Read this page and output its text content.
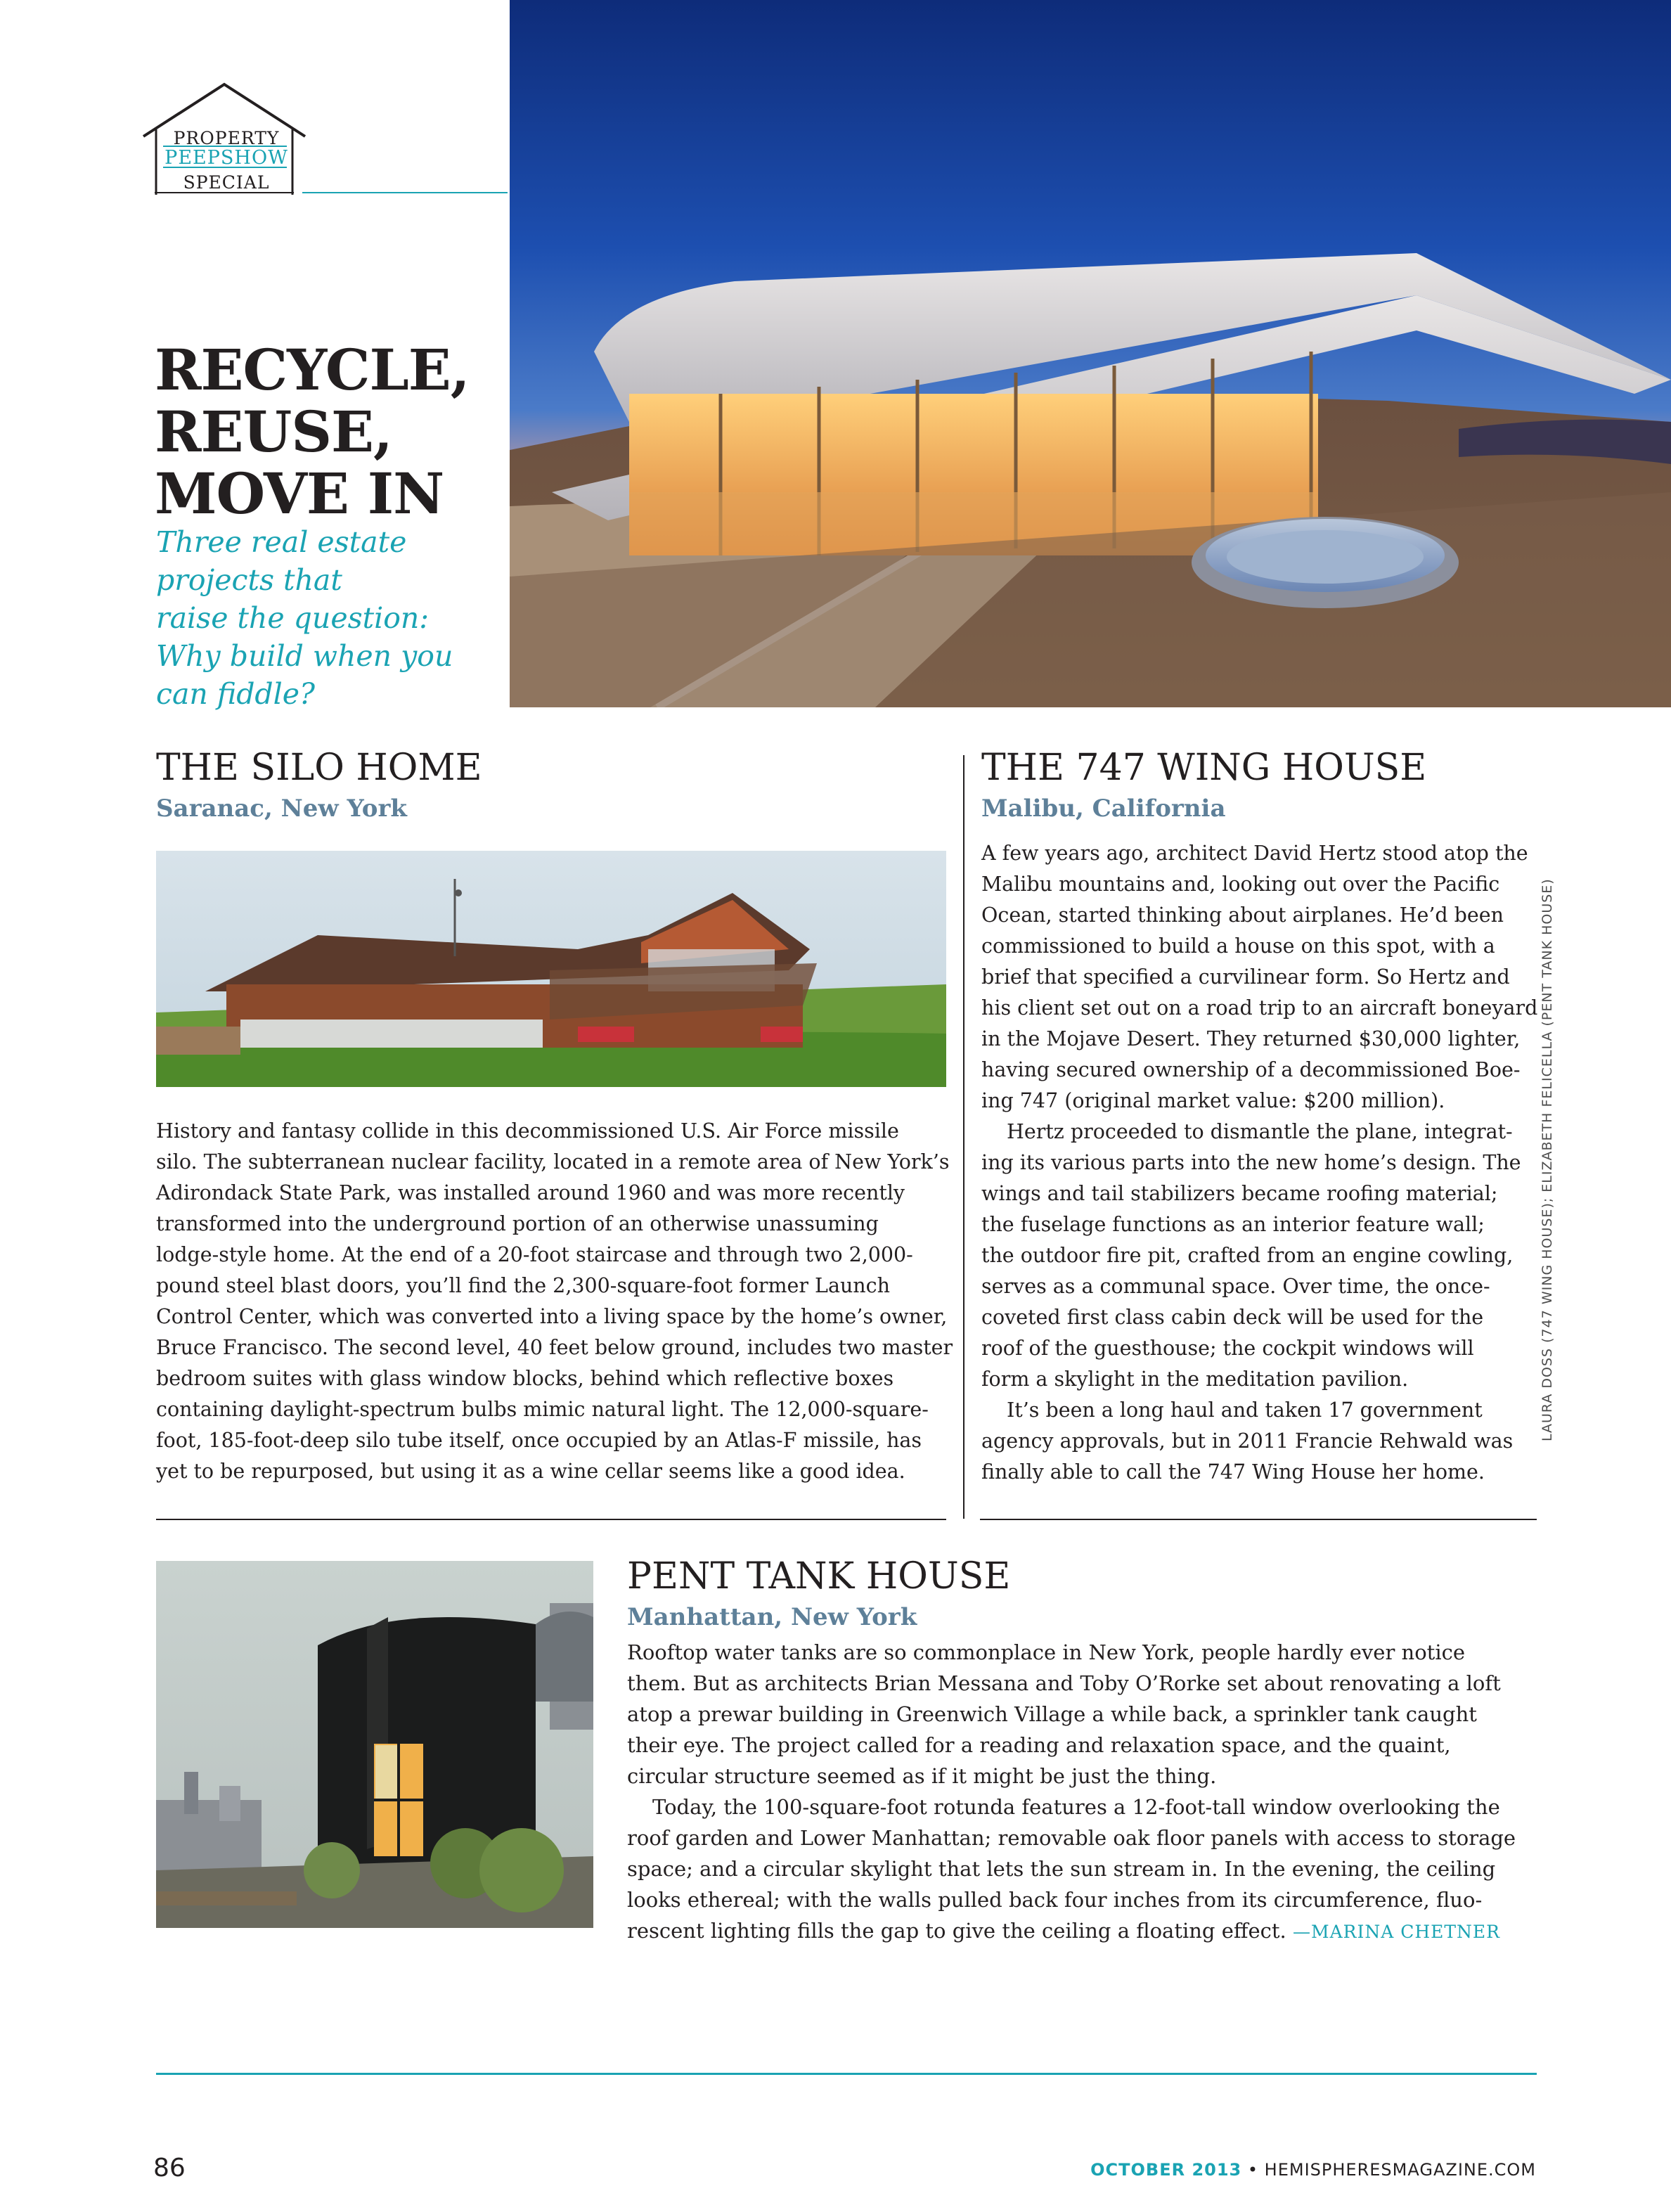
PROPERTY
PEEPSHOW
SPECIAL
RECYCLE,
REUSE,
MOVE IN
Three real estate
projects that
raise the question:
Why build when you
can fiddle?
THE SILO HOME
Saranac, New York
History and fantasy collide in this decommissioned U.S. Air Force missile
silo. The subterranean nuclear facility, located in a remote area of New York’s
Adirondack State Park, was installed around 1960 and was more recently
transformed into the underground portion of an otherwise unassuming
lodge-style home. At the end of a 20-foot staircase and through two 2,000-
pound steel blast doors, you’ll find the 2,300-square-foot former Launch
Control Center, which was converted into a living space by the home’s owner,
Bruce Francisco. The second level, 40 feet below ground, includes two master
bedroom suites with glass window blocks, behind which reflective boxes
containing daylight-spectrum bulbs mimic natural light. The 12,000-square-
foot, 185-foot-deep silo tube itself, once occupied by an Atlas-F missile, has
yet to be repurposed, but using it as a wine cellar seems like a good idea.
THE 747 WING HOUSE
Malibu, California
A few years ago, architect David Hertz stood atop the
Malibu mountains and, looking out over the Pacific
Ocean, started thinking about airplanes. He’d been
commissioned to build a house on this spot, with a
brief that specified a curvilinear form. So Hertz and
his client set out on a road trip to an aircraft boneyard
in the Mojave Desert. They returned $30,000 lighter,
having secured ownership of a decommissioned Boe-
ing 747 (original market value: $200 million).
Hertz proceeded to dismantle the plane, integrat-
ing its various parts into the new home’s design. The
wings and tail stabilizers became roofing material;
the fuselage functions as an interior feature wall;
the outdoor fire pit, crafted from an engine cowling,
serves as a communal space. Over time, the once-
coveted first class cabin deck will be used for the
roof of the guesthouse; the cockpit windows will
form a skylight in the meditation pavilion.
It’s been a long haul and taken 17 government
agency approvals, but in 2011 Francie Rehwald was
finally able to call the 747 Wing House her home.
PENT TANK HOUSE
Manhattan, New York
Rooftop water tanks are so commonplace in New York, people hardly ever notice
them. But as architects Brian Messana and Toby O’Rorke set about renovating a loft
atop a prewar building in Greenwich Village a while back, a sprinkler tank caught
their eye. The project called for a reading and relaxation space, and the quaint,
circular structure seemed as if it might be just the thing.
Today, the 100-square-foot rotunda features a 12-foot-tall window overlooking the
roof garden and Lower Manhattan; removable oak floor panels with access to storage
space; and a circular skylight that lets the sun stream in. In the evening, the ceiling
looks ethereal; with the walls pulled back four inches from its circumference, fluo-
rescent lighting fills the gap to give the ceiling a floating effect. —MARINA CHETNER
LAURA DOSS (747 WING HOUSE); ELIZABETH FELICELLA (PENT TANK HOUSE)
86	OCTOBER 2013 • HEMISPHERESMAGAZINE.COM
